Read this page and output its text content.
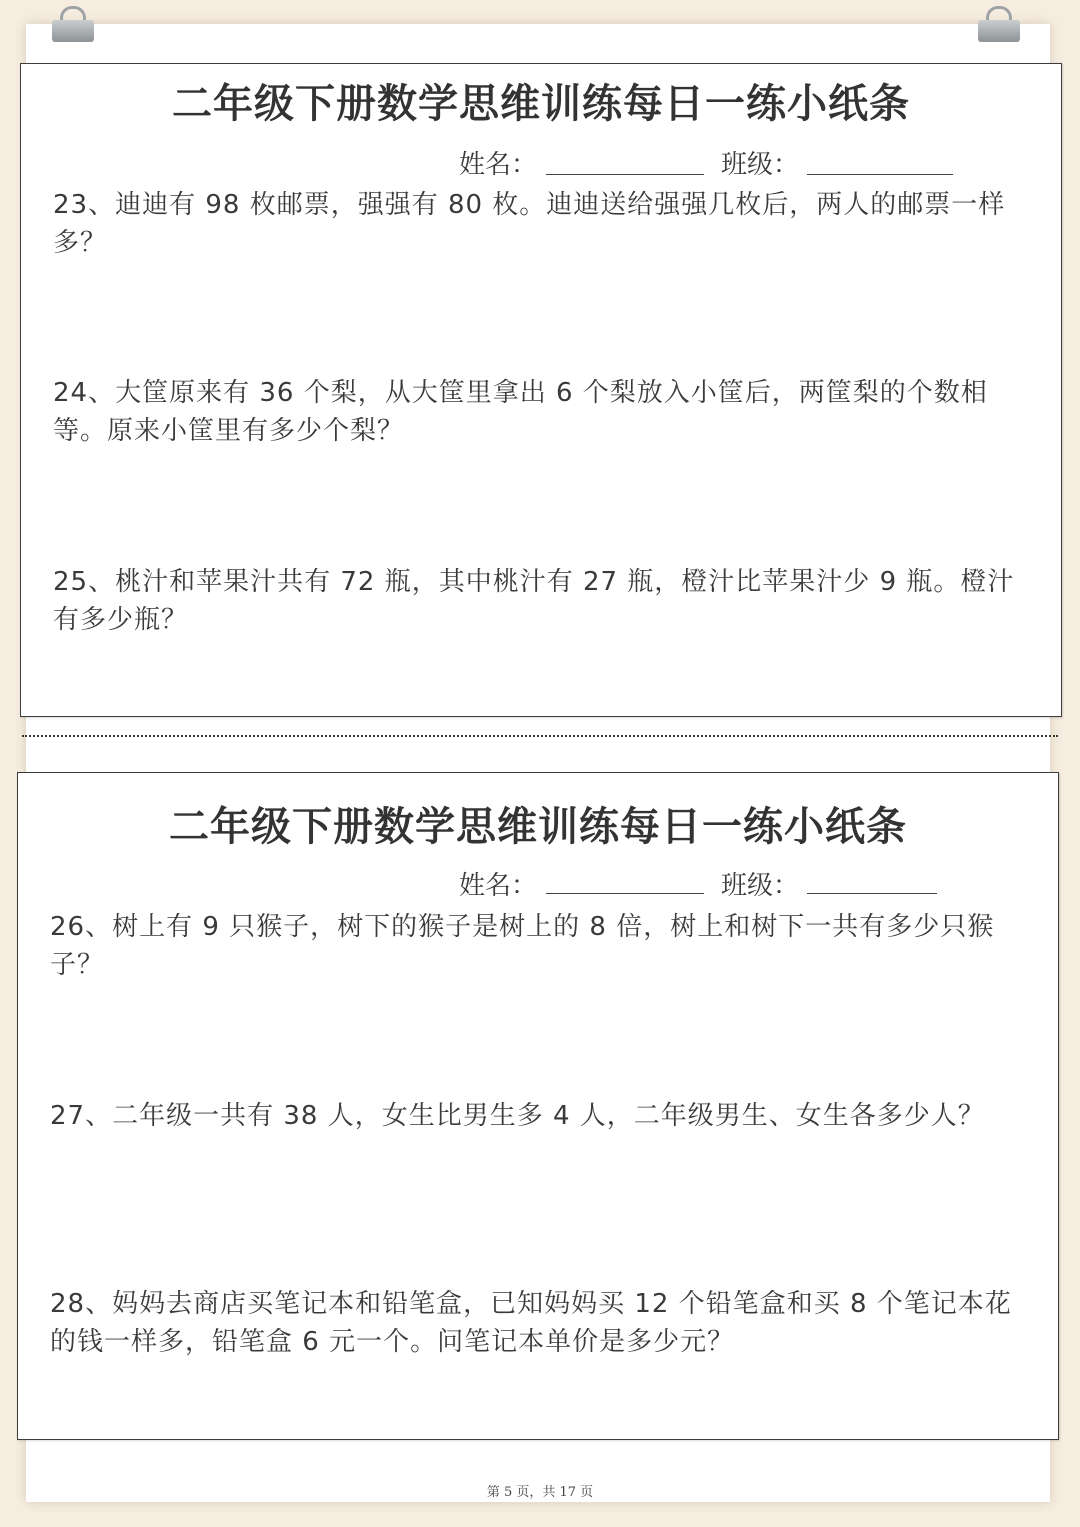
二年级下册数学思维训练每日一练小纸条
姓名：	班级：
23、迪迪有 98 枚邮票，强强有 80 枚。迪迪送给强强几枚后，两人的邮票一样多？
24、大筐原来有 36 个梨，从大筐里拿出 6 个梨放入小筐后，两筐梨的个数相等。原来小筐里有多少个梨？
25、桃汁和苹果汁共有 72 瓶，其中桃汁有 27 瓶，橙汁比苹果汁少 9 瓶。橙汁有多少瓶？
二年级下册数学思维训练每日一练小纸条
姓名：	班级：
26、树上有 9 只猴子，树下的猴子是树上的 8 倍，树上和树下一共有多少只猴子？
27、二年级一共有 38 人，女生比男生多 4 人，二年级男生、女生各多少人？
28、妈妈去商店买笔记本和铅笔盒，已知妈妈买 12 个铅笔盒和买 8 个笔记本花的钱一样多，铅笔盒 6 元一个。问笔记本单价是多少元？
第 5 页，共 17 页
